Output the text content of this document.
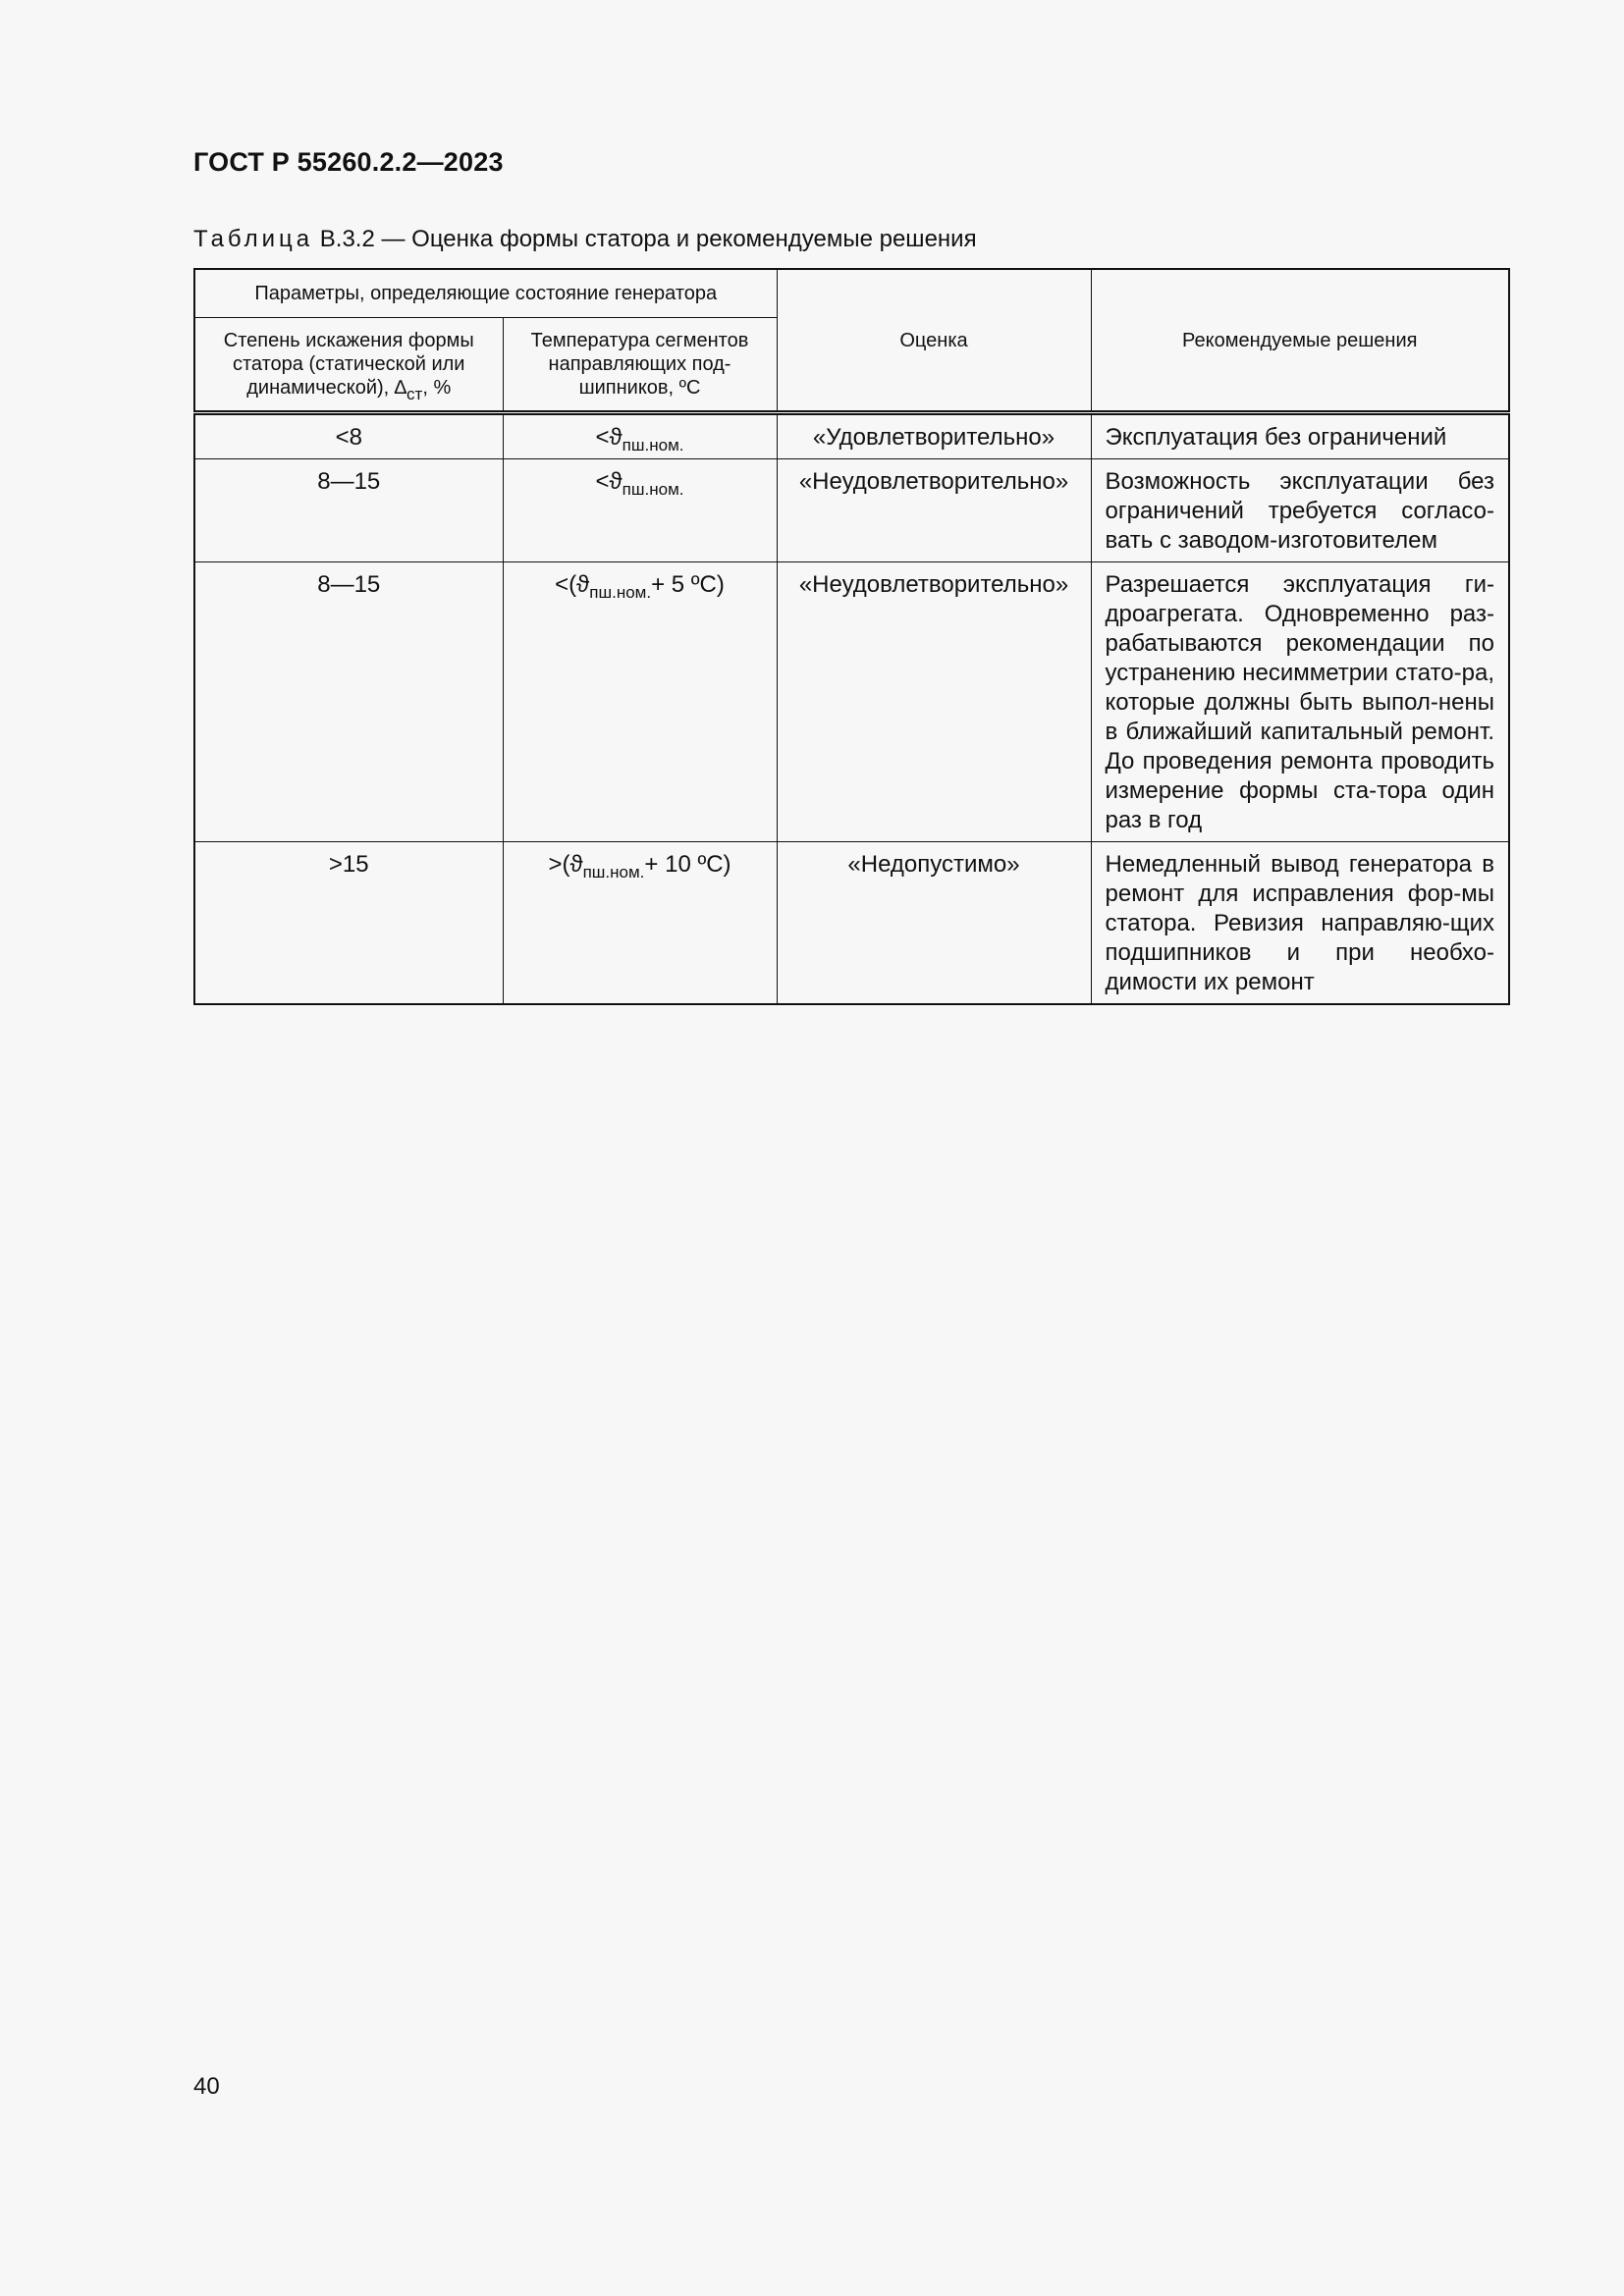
ГОСТ Р 55260.2.2—2023
Таблица В.3.2 — Оценка формы статора и рекомендуемые решения
Параметры, определяющие состояние генератора		Оценка	Рекомендуемые решения
Степень искажения формы статора (статической или динамической), $\Delta_{ст}$, %	Температура сегментов направляющих под-шипников, ºС		
<8	$<ϑ_{пш.ном.}$	«Удовлетворительно»	Эксплуатация без ограничений
8—15	$<ϑ_{пш.ном.}$	«Неудовлетворительно»	Возможность эксплуатации без ограничений требуется согласо-вать с заводом-изготовителем
8—15	$<(ϑ_{пш.ном.}+ 5$ ºС)	«Неудовлетворительно»	Разрешается эксплуатация ги-дроагрегата. Одновременно раз-рабатываются рекомендации по устранению несимметрии стато-ра, которые должны быть выпол-нены в ближайший капитальный ремонт. До проведения ремонта проводить измерение формы ста-тора один раз в год
>15	$>(ϑ_{пш.ном.}+ 10$ ºС)	«Недопустимо»	Немедленный вывод генератора в ремонт для исправления фор-мы статора. Ревизия направляю-щих подшипников и при необхо-димости их ремонт
40
